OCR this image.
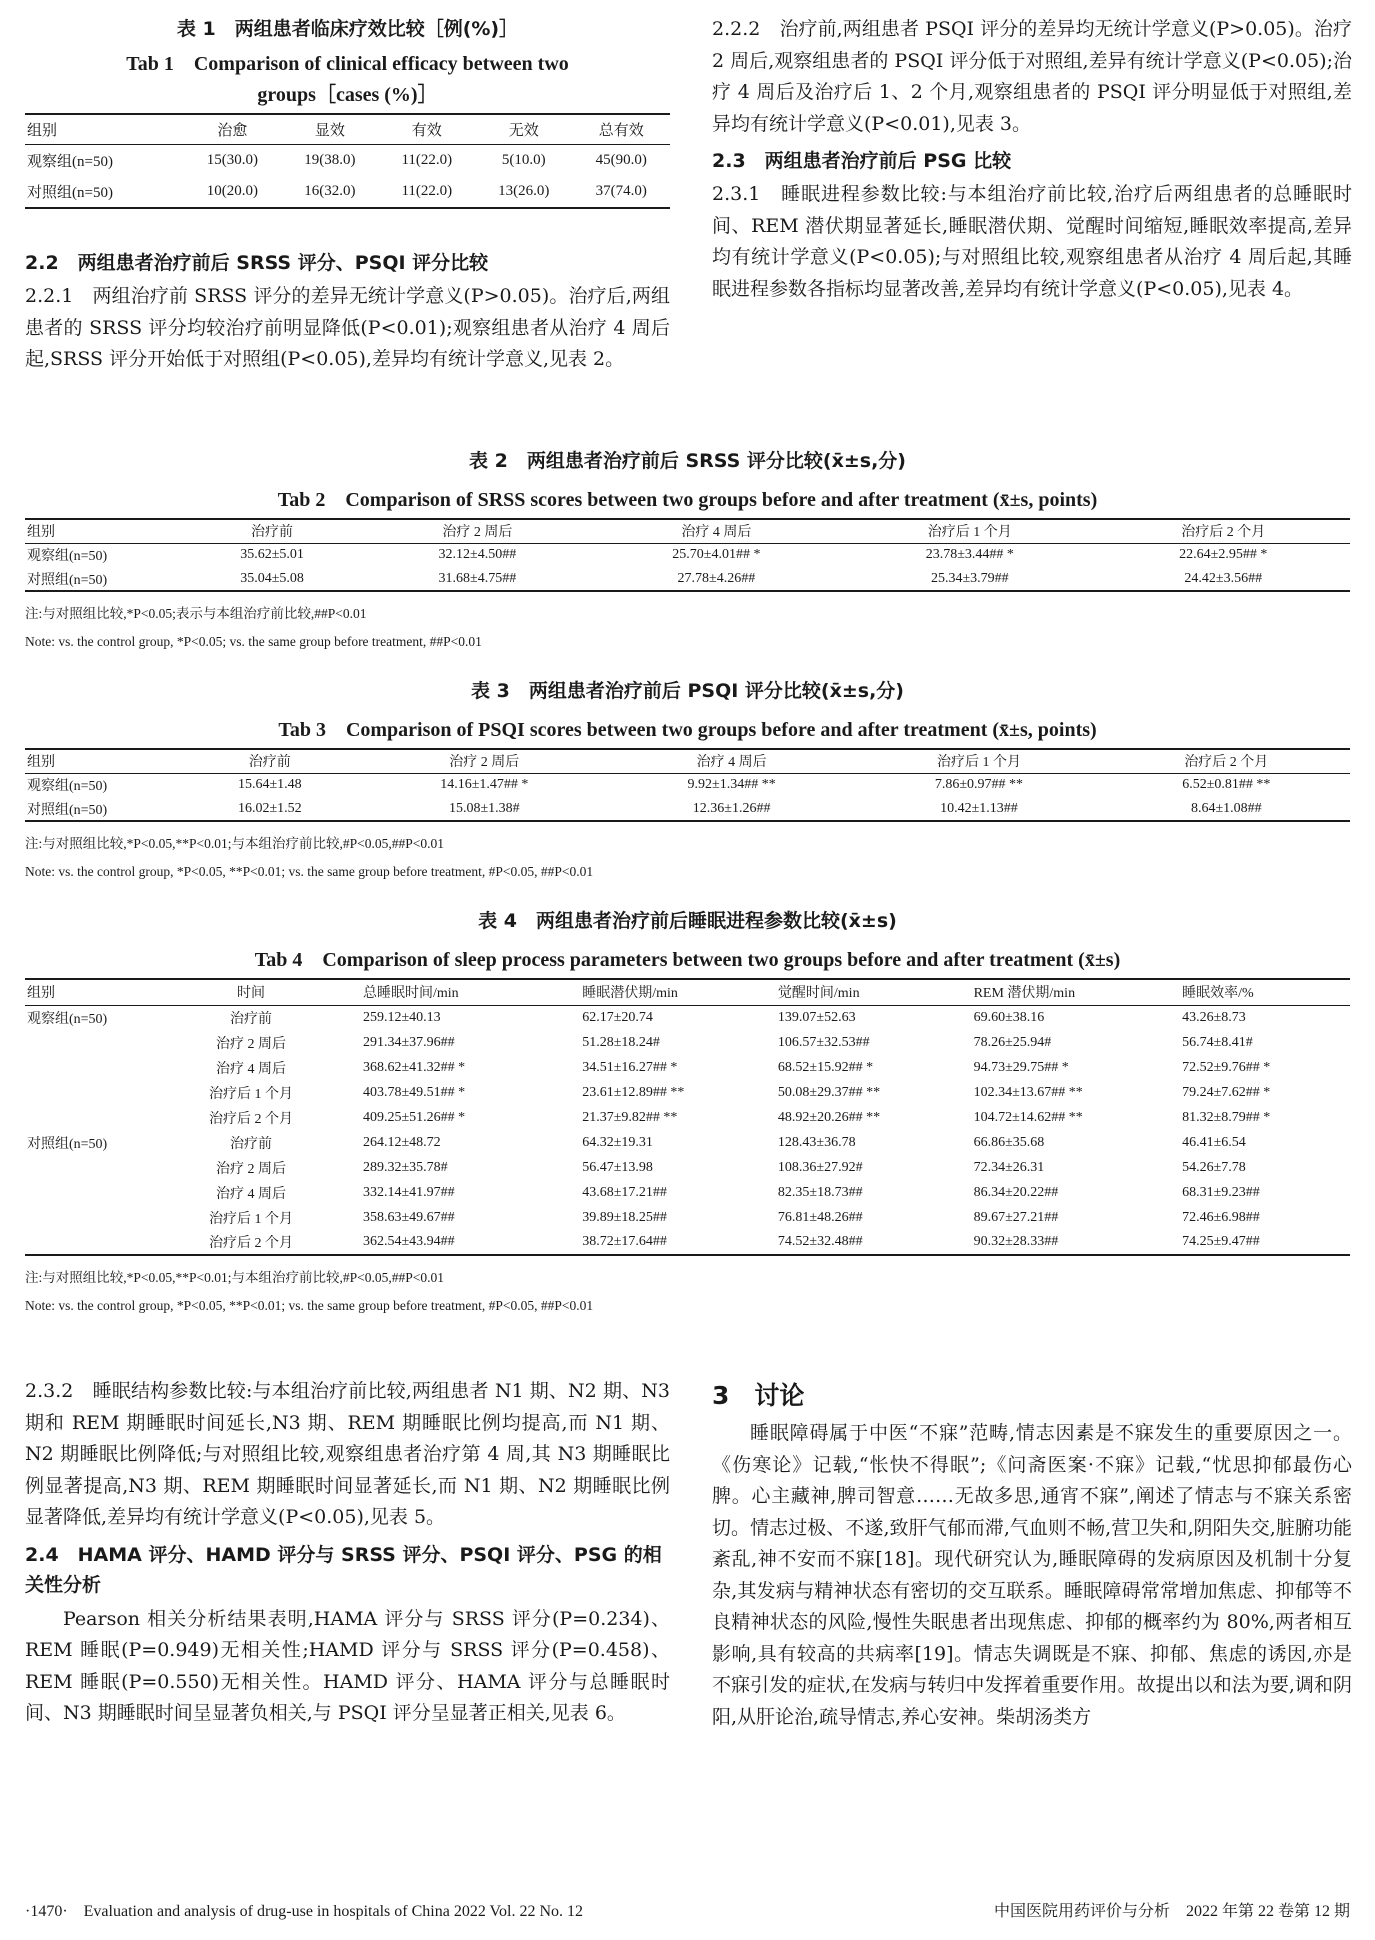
表 1　两组患者临床疗效比较［例(%)］
Tab 1　Comparison of clinical efficacy between two
groups［cases (%)］
组别	治愈	显效	有效	无效	总有效
观察组(n=50)	15(30.0)	19(38.0)	11(22.0)	5(10.0)	45(90.0)
对照组(n=50)	10(20.0)	16(32.0)	11(22.0)	13(26.0)	37(74.0)
2.2　两组患者治疗前后 SRSS 评分、PSQI 评分比较

2.2.1　两组治疗前 SRSS 评分的差异无统计学意义(P>0.05)。治疗后,两组患者的 SRSS 评分均较治疗前明显降低(P<0.01);观察组患者从治疗 4 周后起,SRSS 评分开始低于对照组(P<0.05),差异均有统计学意义,见表 2。

2.2.2　治疗前,两组患者 PSQI 评分的差异均无统计学意义(P>0.05)。治疗 2 周后,观察组患者的 PSQI 评分低于对照组,差异有统计学意义(P<0.05);治疗 4 周后及治疗后 1、2 个月,观察组患者的 PSQI 评分明显低于对照组,差异均有统计学意义(P<0.01),见表 3。

2.3　两组患者治疗前后 PSG 比较

2.3.1　睡眠进程参数比较:与本组治疗前比较,治疗后两组患者的总睡眠时间、REM 潜伏期显著延长,睡眠潜伏期、觉醒时间缩短,睡眠效率提高,差异均有统计学意义(P<0.05);与对照组比较,观察组患者从治疗 4 周后起,其睡眠进程参数各指标均显著改善,差异均有统计学意义(P<0.05),见表 4。

表 2　两组患者治疗前后 SRSS 评分比较(x̄±s,分)
Tab 2　Comparison of SRSS scores between two groups before and after treatment (x̄±s, points)
组别	治疗前	治疗 2 周后	治疗 4 周后	治疗后 1 个月	治疗后 2 个月
观察组(n=50)	35.62±5.01	32.12±4.50##	25.70±4.01## *	23.78±3.44## *	22.64±2.95## *
对照组(n=50)	35.04±5.08	31.68±4.75##	27.78±4.26##	25.34±3.79##	24.42±3.56##
注:与对照组比较,*P<0.05;表示与本组治疗前比较,##P<0.01
Note: vs. the control group, *P<0.05; vs. the same group before treatment, ##P<0.01
表 3　两组患者治疗前后 PSQI 评分比较(x̄±s,分)
Tab 3　Comparison of PSQI scores between two groups before and after treatment (x̄±s, points)
组别	治疗前	治疗 2 周后	治疗 4 周后	治疗后 1 个月	治疗后 2 个月
观察组(n=50)	15.64±1.48	14.16±1.47## *	9.92±1.34## **	7.86±0.97## **	6.52±0.81## **
对照组(n=50)	16.02±1.52	15.08±1.38#	12.36±1.26##	10.42±1.13##	8.64±1.08##
注:与对照组比较,*P<0.05,**P<0.01;与本组治疗前比较,#P<0.05,##P<0.01
Note: vs. the control group, *P<0.05, **P<0.01; vs. the same group before treatment, #P<0.05, ##P<0.01
表 4　两组患者治疗前后睡眠进程参数比较(x̄±s)
Tab 4　Comparison of sleep process parameters between two groups before and after treatment (x̄±s)
组别	时间	总睡眠时间/min	睡眠潜伏期/min	觉醒时间/min	REM 潜伏期/min	睡眠效率/%
观察组(n=50)	治疗前	259.12±40.13	62.17±20.74	139.07±52.63	69.60±38.16	43.26±8.73
	治疗 2 周后	291.34±37.96##	51.28±18.24#	106.57±32.53##	78.26±25.94#	56.74±8.41#
	治疗 4 周后	368.62±41.32## *	34.51±16.27## *	68.52±15.92## *	94.73±29.75## *	72.52±9.76## *
	治疗后 1 个月	403.78±49.51## *	23.61±12.89## **	50.08±29.37## **	102.34±13.67## **	79.24±7.62## *
	治疗后 2 个月	409.25±51.26## *	21.37±9.82## **	48.92±20.26## **	104.72±14.62## **	81.32±8.79## *
对照组(n=50)	治疗前	264.12±48.72	64.32±19.31	128.43±36.78	66.86±35.68	46.41±6.54
	治疗 2 周后	289.32±35.78#	56.47±13.98	108.36±27.92#	72.34±26.31	54.26±7.78
	治疗 4 周后	332.14±41.97##	43.68±17.21##	82.35±18.73##	86.34±20.22##	68.31±9.23##
	治疗后 1 个月	358.63±49.67##	39.89±18.25##	76.81±48.26##	89.67±27.21##	72.46±6.98##
	治疗后 2 个月	362.54±43.94##	38.72±17.64##	74.52±32.48##	90.32±28.33##	74.25±9.47##
注:与对照组比较,*P<0.05,**P<0.01;与本组治疗前比较,#P<0.05,##P<0.01
Note: vs. the control group, *P<0.05, **P<0.01; vs. the same group before treatment, #P<0.05, ##P<0.01

2.3.2　睡眠结构参数比较:与本组治疗前比较,两组患者 N1 期、N2 期、N3 期和 REM 期睡眠时间延长,N3 期、REM 期睡眠比例均提高,而 N1 期、N2 期睡眠比例降低;与对照组比较,观察组患者治疗第 4 周,其 N3 期睡眠比例显著提高,N3 期、REM 期睡眠时间显著延长,而 N1 期、N2 期睡眠比例显著降低,差异均有统计学意义(P<0.05),见表 5。

2.4　HAMA 评分、HAMD 评分与 SRSS 评分、PSQI 评分、PSG 的相关性分析

Pearson 相关分析结果表明,HAMA 评分与 SRSS 评分(P=0.234)、REM 睡眠(P=0.949)无相关性;HAMD 评分与 SRSS 评分(P=0.458)、REM 睡眠(P=0.550)无相关性。HAMD 评分、HAMA 评分与总睡眠时间、N3 期睡眠时间呈显著负相关,与 PSQI 评分呈显著正相关,见表 6。

3　讨论

睡眠障碍属于中医“不寐”范畴,情志因素是不寐发生的重要原因之一。《伤寒论》记载,“怅快不得眠”;《问斋医案·不寐》记载,“忧思抑郁最伤心脾。心主藏神,脾司智意……无故多思,通宵不寐”,阐述了情志与不寐关系密切。情志过极、不遂,致肝气郁而滞,气血则不畅,营卫失和,阴阳失交,脏腑功能紊乱,神不安而不寐[18]。现代研究认为,睡眠障碍的发病原因及机制十分复杂,其发病与精神状态有密切的交互联系。睡眠障碍常常增加焦虑、抑郁等不良精神状态的风险,慢性失眠患者出现焦虑、抑郁的概率约为 80%,两者相互影响,具有较高的共病率[19]。情志失调既是不寐、抑郁、焦虑的诱因,亦是不寐引发的症状,在发病与转归中发挥着重要作用。故提出以和法为要,调和阴阳,从肝论治,疏导情志,养心安神。柴胡汤类方

·1470·　Evaluation and analysis of drug-use in hospitals of China 2022 Vol. 22 No. 12	中国医院用药评价与分析　2022 年第 22 卷第 12 期
